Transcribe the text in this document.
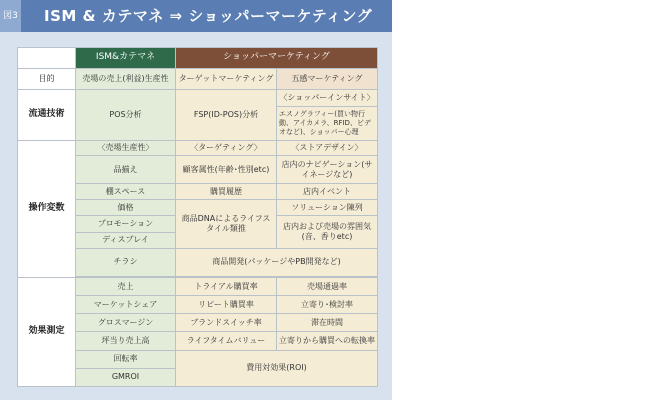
図3 ISM & カテマネ ⇒ ショッパーマーケティング
	ISM&カテマネ	ショッパーマーケティング	
目的	売場の売上(利益)生産性	ターゲットマーケティング	五感マーケティング
流通技術	POS分析	FSP(ID-POS)分析	〈ショッパーインサイト〉
			エスノグラフィー(買い物行動、アイカメラ、RFID、ビデオなど)、ショッパー心理
操作変数	〈売場生産性〉	〈ターゲティング〉	〈ストアデザイン〉
	品揃え	顧客属性(年齢･性別etc)	店内のナビゲーション(サイネージなど)
	棚スペース	購買履歴	店内イベント
	価格	商品DNAによるライフスタイル類推	ソリューション陳列
	プロモーション		店内および売場の雰囲気(音、香りetc)
	ディスプレイ		
	チラシ	商品開発(パッケージやPB開発など)	

効果測定	売上	トライアル購買率	売場通過率
	マーケットシェア	リピート購買率	立寄り･検討率
	グロスマージン	ブランドスイッチ率	滞在時間
	坪当り売上高	ライフタイムバリュー	立寄りから購買への転換率
	回転率	費用対効果(ROI)	
	GMROI		
